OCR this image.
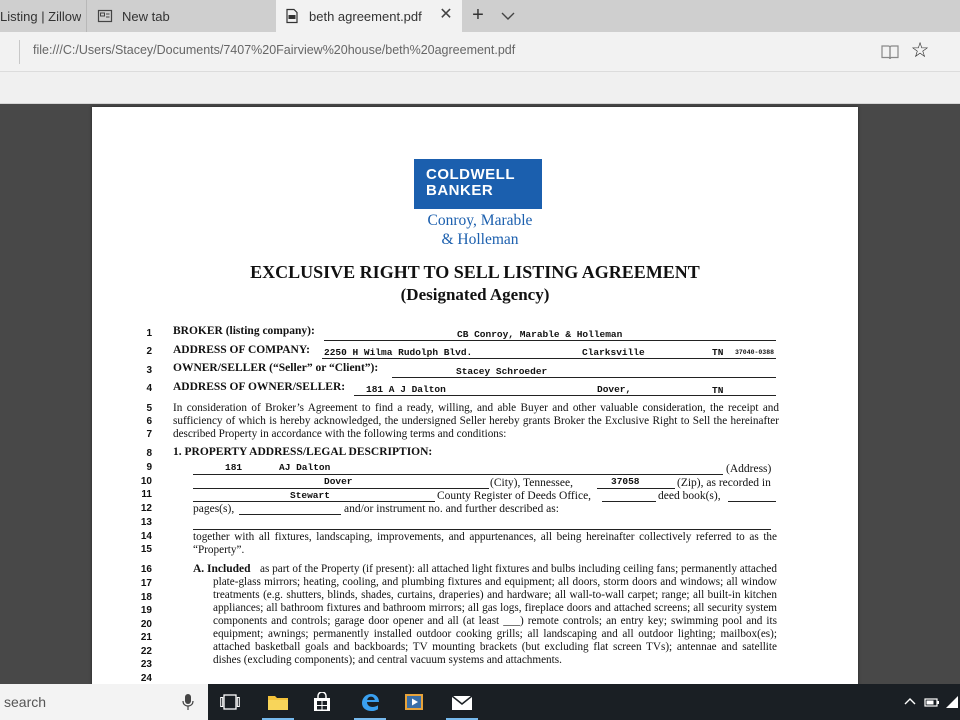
Listing | Zillow	New tab	beth agreement.pdf ✕ +
file:///C:/Users/Stacey/Documents/7407%20Fairview%20house/beth%20agreement.pdf	☆
COLDWELL
BANKER
Conroy, Marable
& Holleman
EXCLUSIVE RIGHT TO SELL LISTING AGREEMENT
(Designated Agency)
1
2
3
4
5
6
7
8
9
10
11
12
13
14
15
16
17
18
19
20
21
22
23
24
BROKER (listing company):	CB Conroy, Marable & Holleman
ADDRESS OF COMPANY: 2250 H Wilma Rudolph Blvd.	Clarksville	TN 37040-0388
OWNER/SELLER (“Seller” or “Client”):	Stacey Schroeder
ADDRESS OF OWNER/SELLER: 181 A J Dalton	Dover,	TN
In consideration of Broker’s Agreement to find a ready, willing, and able Buyer and other valuable consideration, the receipt and sufficiency of which is hereby acknowledged, the undersigned Seller hereby grants Broker the Exclusive Right to Sell the hereinafter described Property in accordance with the following terms and conditions:
1. PROPERTY ADDRESS/LEGAL DESCRIPTION:
181	AJ Dalton	(Address)
Dover	(City), Tennessee,	37058	(Zip), as recorded in
Stewart	County Register of Deeds Office,	deed book(s),
pages(s),	and/or instrument no. and further described as:
together with all fixtures, landscaping, improvements, and appurtenances, all being hereinafter collectively referred to as the “Property”.
A. Included as part of the Property (if present): all attached light fixtures and bulbs including ceiling fans; permanently attached plate-glass mirrors; heating, cooling, and plumbing fixtures and equipment; all doors, storm doors and windows; all window treatments (e.g. shutters, blinds, shades, curtains, draperies) and hardware; all wall-to-wall carpet; range; all built-in kitchen appliances; all bathroom fixtures and bathroom mirrors; all gas logs, fireplace doors and attached screens; all security system components and controls; garage door opener and all (at least ___) remote controls; an entry key; swimming pool and its equipment; awnings; permanently installed outdoor cooking grills; all landscaping and all outdoor lighting; mailbox(es); attached basketball goals and backboards; TV mounting brackets (but excluding flat screen TVs); antennae and satellite dishes (excluding components); and central vacuum systems and attachments.
search
